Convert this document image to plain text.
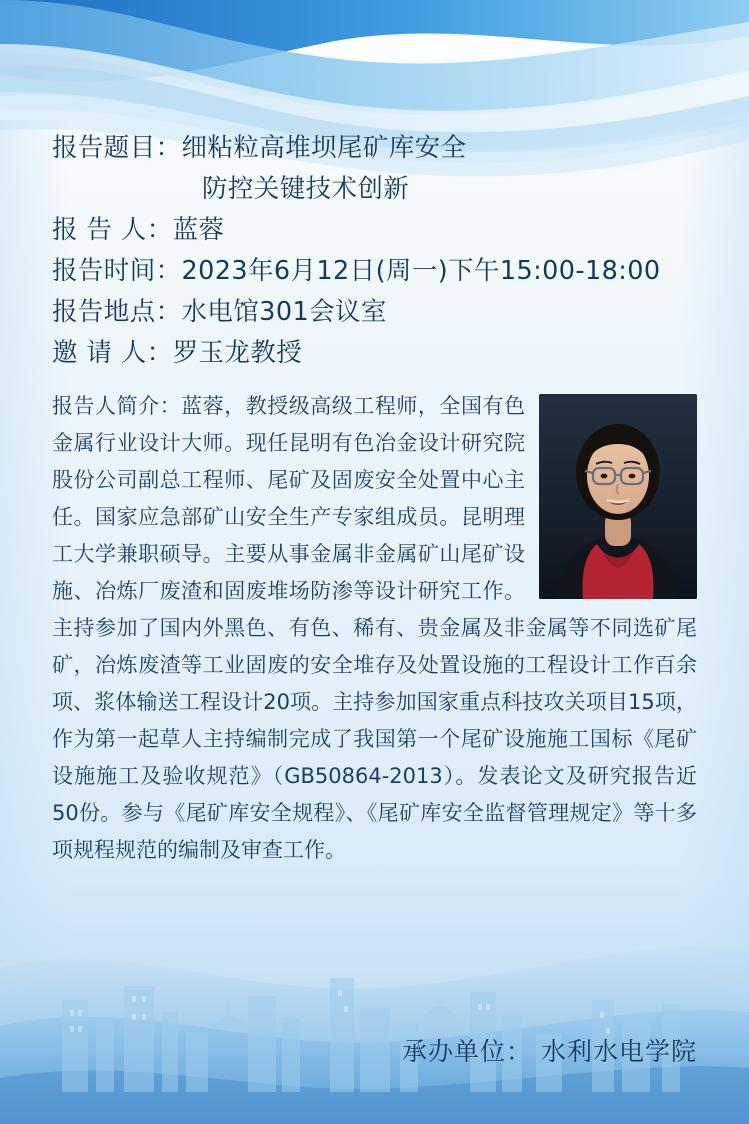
报告题目：细粘粒高堆坝尾矿库安全
防控关键技术创新
报 告 人：蓝蓉
报告时间：2023年6月12日(周一)下午15:00-18:00
报告地点：水电馆301会议室
邀 请 人：罗玉龙教授
报告人简介：蓝蓉，教授级高级工程师，全国有色金属行业设计大师。现任昆明有色冶金设计研究院股份公司副总工程师、尾矿及固废安全处置中心主任。国家应急部矿山安全生产专家组成员。昆明理工大学兼职硕导。主要从事金属非金属矿山尾矿设施、冶炼厂废渣和固废堆场防渗等设计研究工作。主持参加了国内外黑色、有色、稀有、贵金属及非金属等不同选矿尾矿，冶炼废渣等工业固废的安全堆存及处置设施的工程设计工作百余项、浆体输送工程设计20项。主持参加国家重点科技攻关项目15项，作为第一起草人主持编制完成了我国第一个尾矿设施施工国标《尾矿设施施工及验收规范》（GB50864-2013）。发表论文及研究报告近50份。参与《尾矿库安全规程》、《尾矿库安全监督管理规定》等十多项规程规范的编制及审查工作。
承办单位： 水利水电学院
